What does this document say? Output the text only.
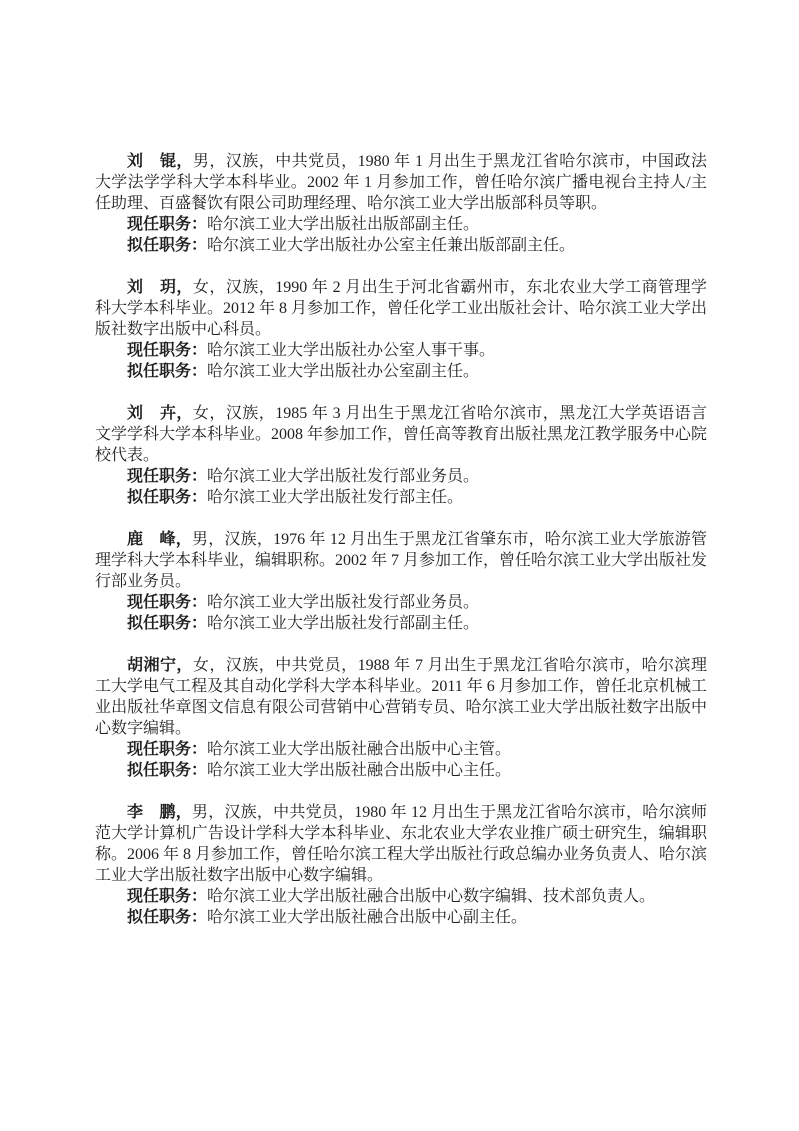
刘　锟，男，汉族，中共党员，1980 年 1 月出生于黑龙江省哈尔滨市，中国政法大学法学学科大学本科毕业。2002 年 1 月参加工作，曾任哈尔滨广播电视台主持人/主任助理、百盛餐饮有限公司助理经理、哈尔滨工业大学出版部科员等职。

现任职务：哈尔滨工业大学出版社出版部副主任。

拟任职务：哈尔滨工业大学出版社办公室主任兼出版部副主任。

刘　玥，女，汉族，1990 年 2 月出生于河北省霸州市，东北农业大学工商管理学科大学本科毕业。2012 年 8 月参加工作，曾任化学工业出版社会计、哈尔滨工业大学出版社数字出版中心科员。

现任职务：哈尔滨工业大学出版社办公室人事干事。

拟任职务：哈尔滨工业大学出版社办公室副主任。

刘　卉，女，汉族，1985 年 3 月出生于黑龙江省哈尔滨市，黑龙江大学英语语言文学学科大学本科毕业。2008 年参加工作，曾任高等教育出版社黑龙江教学服务中心院校代表。

现任职务：哈尔滨工业大学出版社发行部业务员。

拟任职务：哈尔滨工业大学出版社发行部主任。

鹿　峰，男，汉族，1976 年 12 月出生于黑龙江省肇东市，哈尔滨工业大学旅游管理学科大学本科毕业，编辑职称。2002 年 7 月参加工作，曾任哈尔滨工业大学出版社发行部业务员。

现任职务：哈尔滨工业大学出版社发行部业务员。

拟任职务：哈尔滨工业大学出版社发行部副主任。

胡湘宁，女，汉族，中共党员，1988 年 7 月出生于黑龙江省哈尔滨市，哈尔滨理工大学电气工程及其自动化学科大学本科毕业。2011 年 6 月参加工作，曾任北京机械工业出版社华章图文信息有限公司营销中心营销专员、哈尔滨工业大学出版社数字出版中心数字编辑。

现任职务：哈尔滨工业大学出版社融合出版中心主管。

拟任职务：哈尔滨工业大学出版社融合出版中心主任。

李　鹏，男，汉族，中共党员，1980 年 12 月出生于黑龙江省哈尔滨市，哈尔滨师范大学计算机广告设计学科大学本科毕业、东北农业大学农业推广硕士研究生，编辑职称。2006 年 8 月参加工作，曾任哈尔滨工程大学出版社行政总编办业务负责人、哈尔滨工业大学出版社数字出版中心数字编辑。

现任职务：哈尔滨工业大学出版社融合出版中心数字编辑、技术部负责人。

拟任职务：哈尔滨工业大学出版社融合出版中心副主任。
